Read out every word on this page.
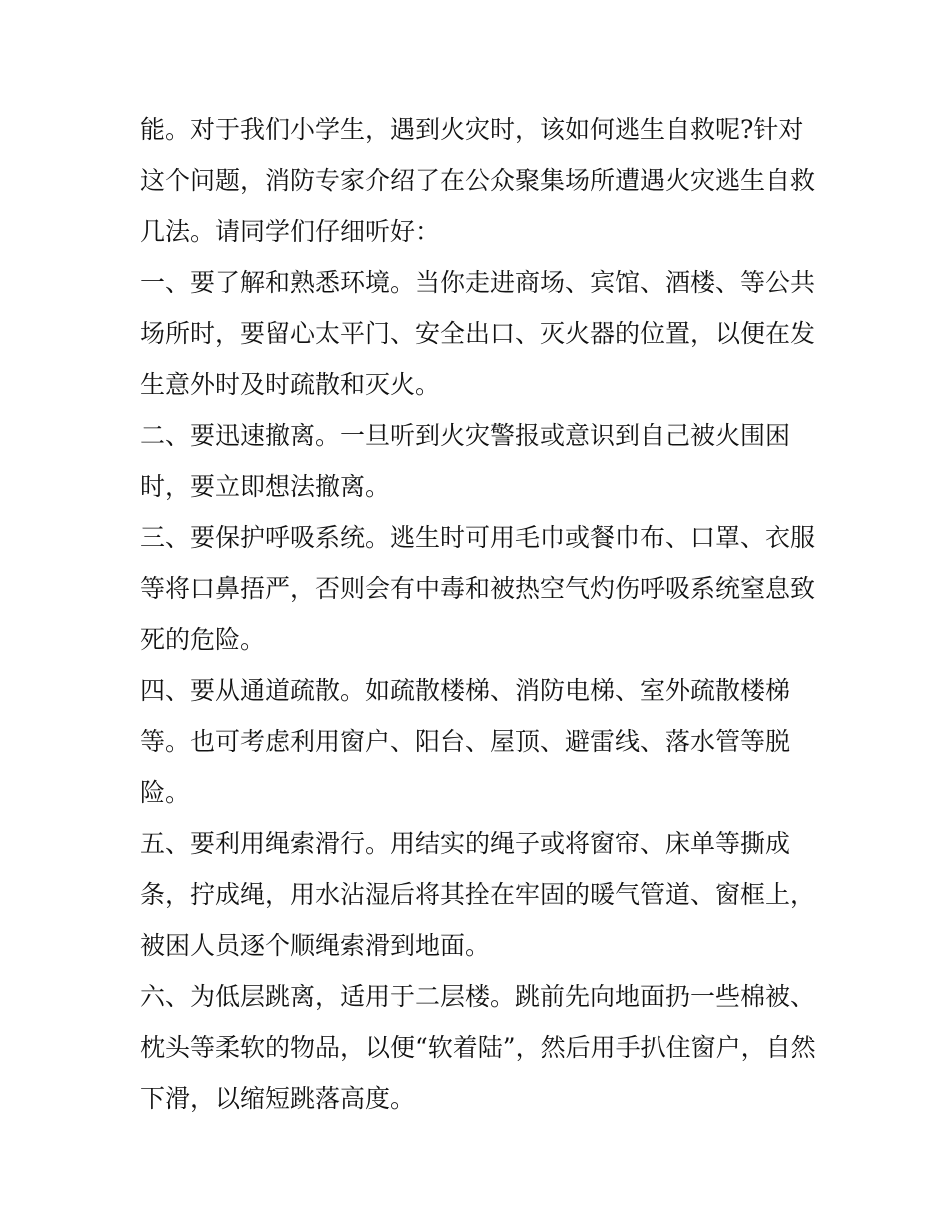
能。对于我们小学生，遇到火灾时，该如何逃生自救呢?针对

这个问题，消防专家介绍了在公众聚集场所遭遇火灾逃生自救

几法。请同学们仔细听好：

一、要了解和熟悉环境。当你走进商场、宾馆、酒楼、等公共

场所时，要留心太平门、安全出口、灭火器的位置，以便在发

生意外时及时疏散和灭火。

二、要迅速撤离。一旦听到火灾警报或意识到自己被火围困

时，要立即想法撤离。

三、要保护呼吸系统。逃生时可用毛巾或餐巾布、口罩、衣服

等将口鼻捂严，否则会有中毒和被热空气灼伤呼吸系统窒息致

死的危险。

四、要从通道疏散。如疏散楼梯、消防电梯、室外疏散楼梯

等。也可考虑利用窗户、阳台、屋顶、避雷线、落水管等脱

险。

五、要利用绳索滑行。用结实的绳子或将窗帘、床单等撕成

条，拧成绳，用水沾湿后将其拴在牢固的暖气管道、窗框上，

被困人员逐个顺绳索滑到地面。

六、为低层跳离，适用于二层楼。跳前先向地面扔一些棉被、

枕头等柔软的物品，以便“软着陆”，然后用手扒住窗户，自然

下滑，以缩短跳落高度。
